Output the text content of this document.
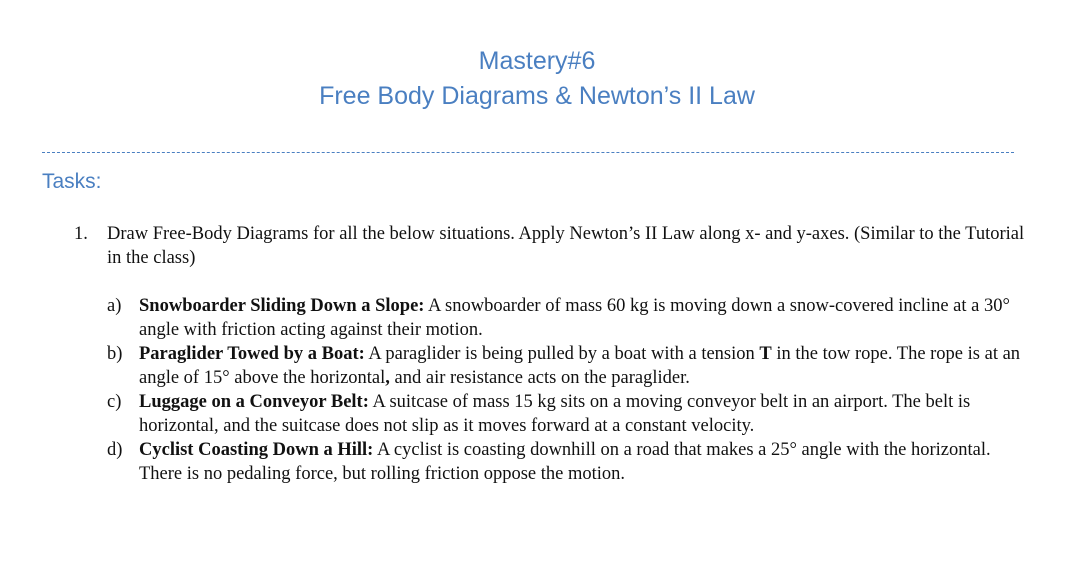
Mastery#6
Free Body Diagrams & Newton’s II Law
Tasks:
1. Draw Free-Body Diagrams for all the below situations. Apply Newton’s II Law along x- and y-axes. (Similar to the Tutorial in the class)
a) Snowboarder Sliding Down a Slope: A snowboarder of mass 60 kg is moving down a snow-covered incline at a 30° angle with friction acting against their motion.
b) Paraglider Towed by a Boat: A paraglider is being pulled by a boat with a tension T in the tow rope. The rope is at an angle of 15° above the horizontal, and air resistance acts on the paraglider.
c) Luggage on a Conveyor Belt: A suitcase of mass 15 kg sits on a moving conveyor belt in an airport. The belt is horizontal, and the suitcase does not slip as it moves forward at a constant velocity.
d) Cyclist Coasting Down a Hill: A cyclist is coasting downhill on a road that makes a 25° angle with the horizontal. There is no pedaling force, but rolling friction oppose the motion.
